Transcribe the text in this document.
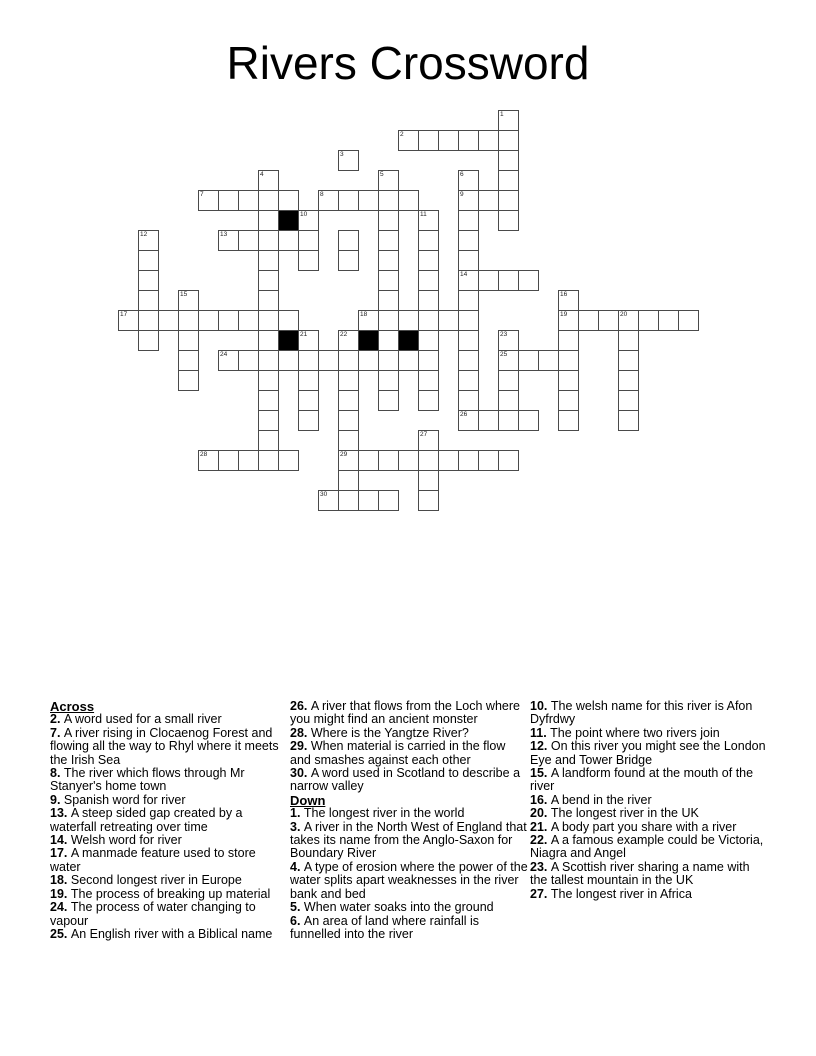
Rivers Crossword
1
2
3
4	5	6
7	8	9
10	11
12	13
14
15	16
17	18	19	20
21	22	23
24	25
26
27
28	29
30

Across

2. A word used for a small river

7. A river rising in Clocaenog Forest and flowing all the way to Rhyl where it meets the Irish Sea

8. The river which flows through Mr Stanyer's home town

9. Spanish word for river

13. A steep sided gap created by a waterfall retreating over time

14. Welsh word for river

17. A manmade feature used to store water

18. Second longest river in Europe

19. The process of breaking up material

24. The process of water changing to vapour

25. An English river with a Biblical name

26. A river that flows from the Loch where you might find an ancient monster

28. Where is the Yangtze River?

29. When material is carried in the flow and smashes against each other

30. A word used in Scotland to describe a narrow valley

Down

1. The longest river in the world

3. A river in the North West of England that takes its name from the Anglo-Saxon for Boundary River

4. A type of erosion where the power of the water splits apart weaknesses in the river bank and bed

5. When water soaks into the ground

6. An area of land where rainfall is funnelled into the river

10. The welsh name for this river is Afon Dyfrdwy

11. The point where two rivers join

12. On this river you might see the London Eye and Tower Bridge

15. A landform found at the mouth of the river

16. A bend in the river

20. The longest river in the UK

21. A body part you share with a river

22. A a famous example could be Victoria, Niagra and Angel

23. A Scottish river sharing a name with the tallest mountain in the UK

27. The longest river in Africa
